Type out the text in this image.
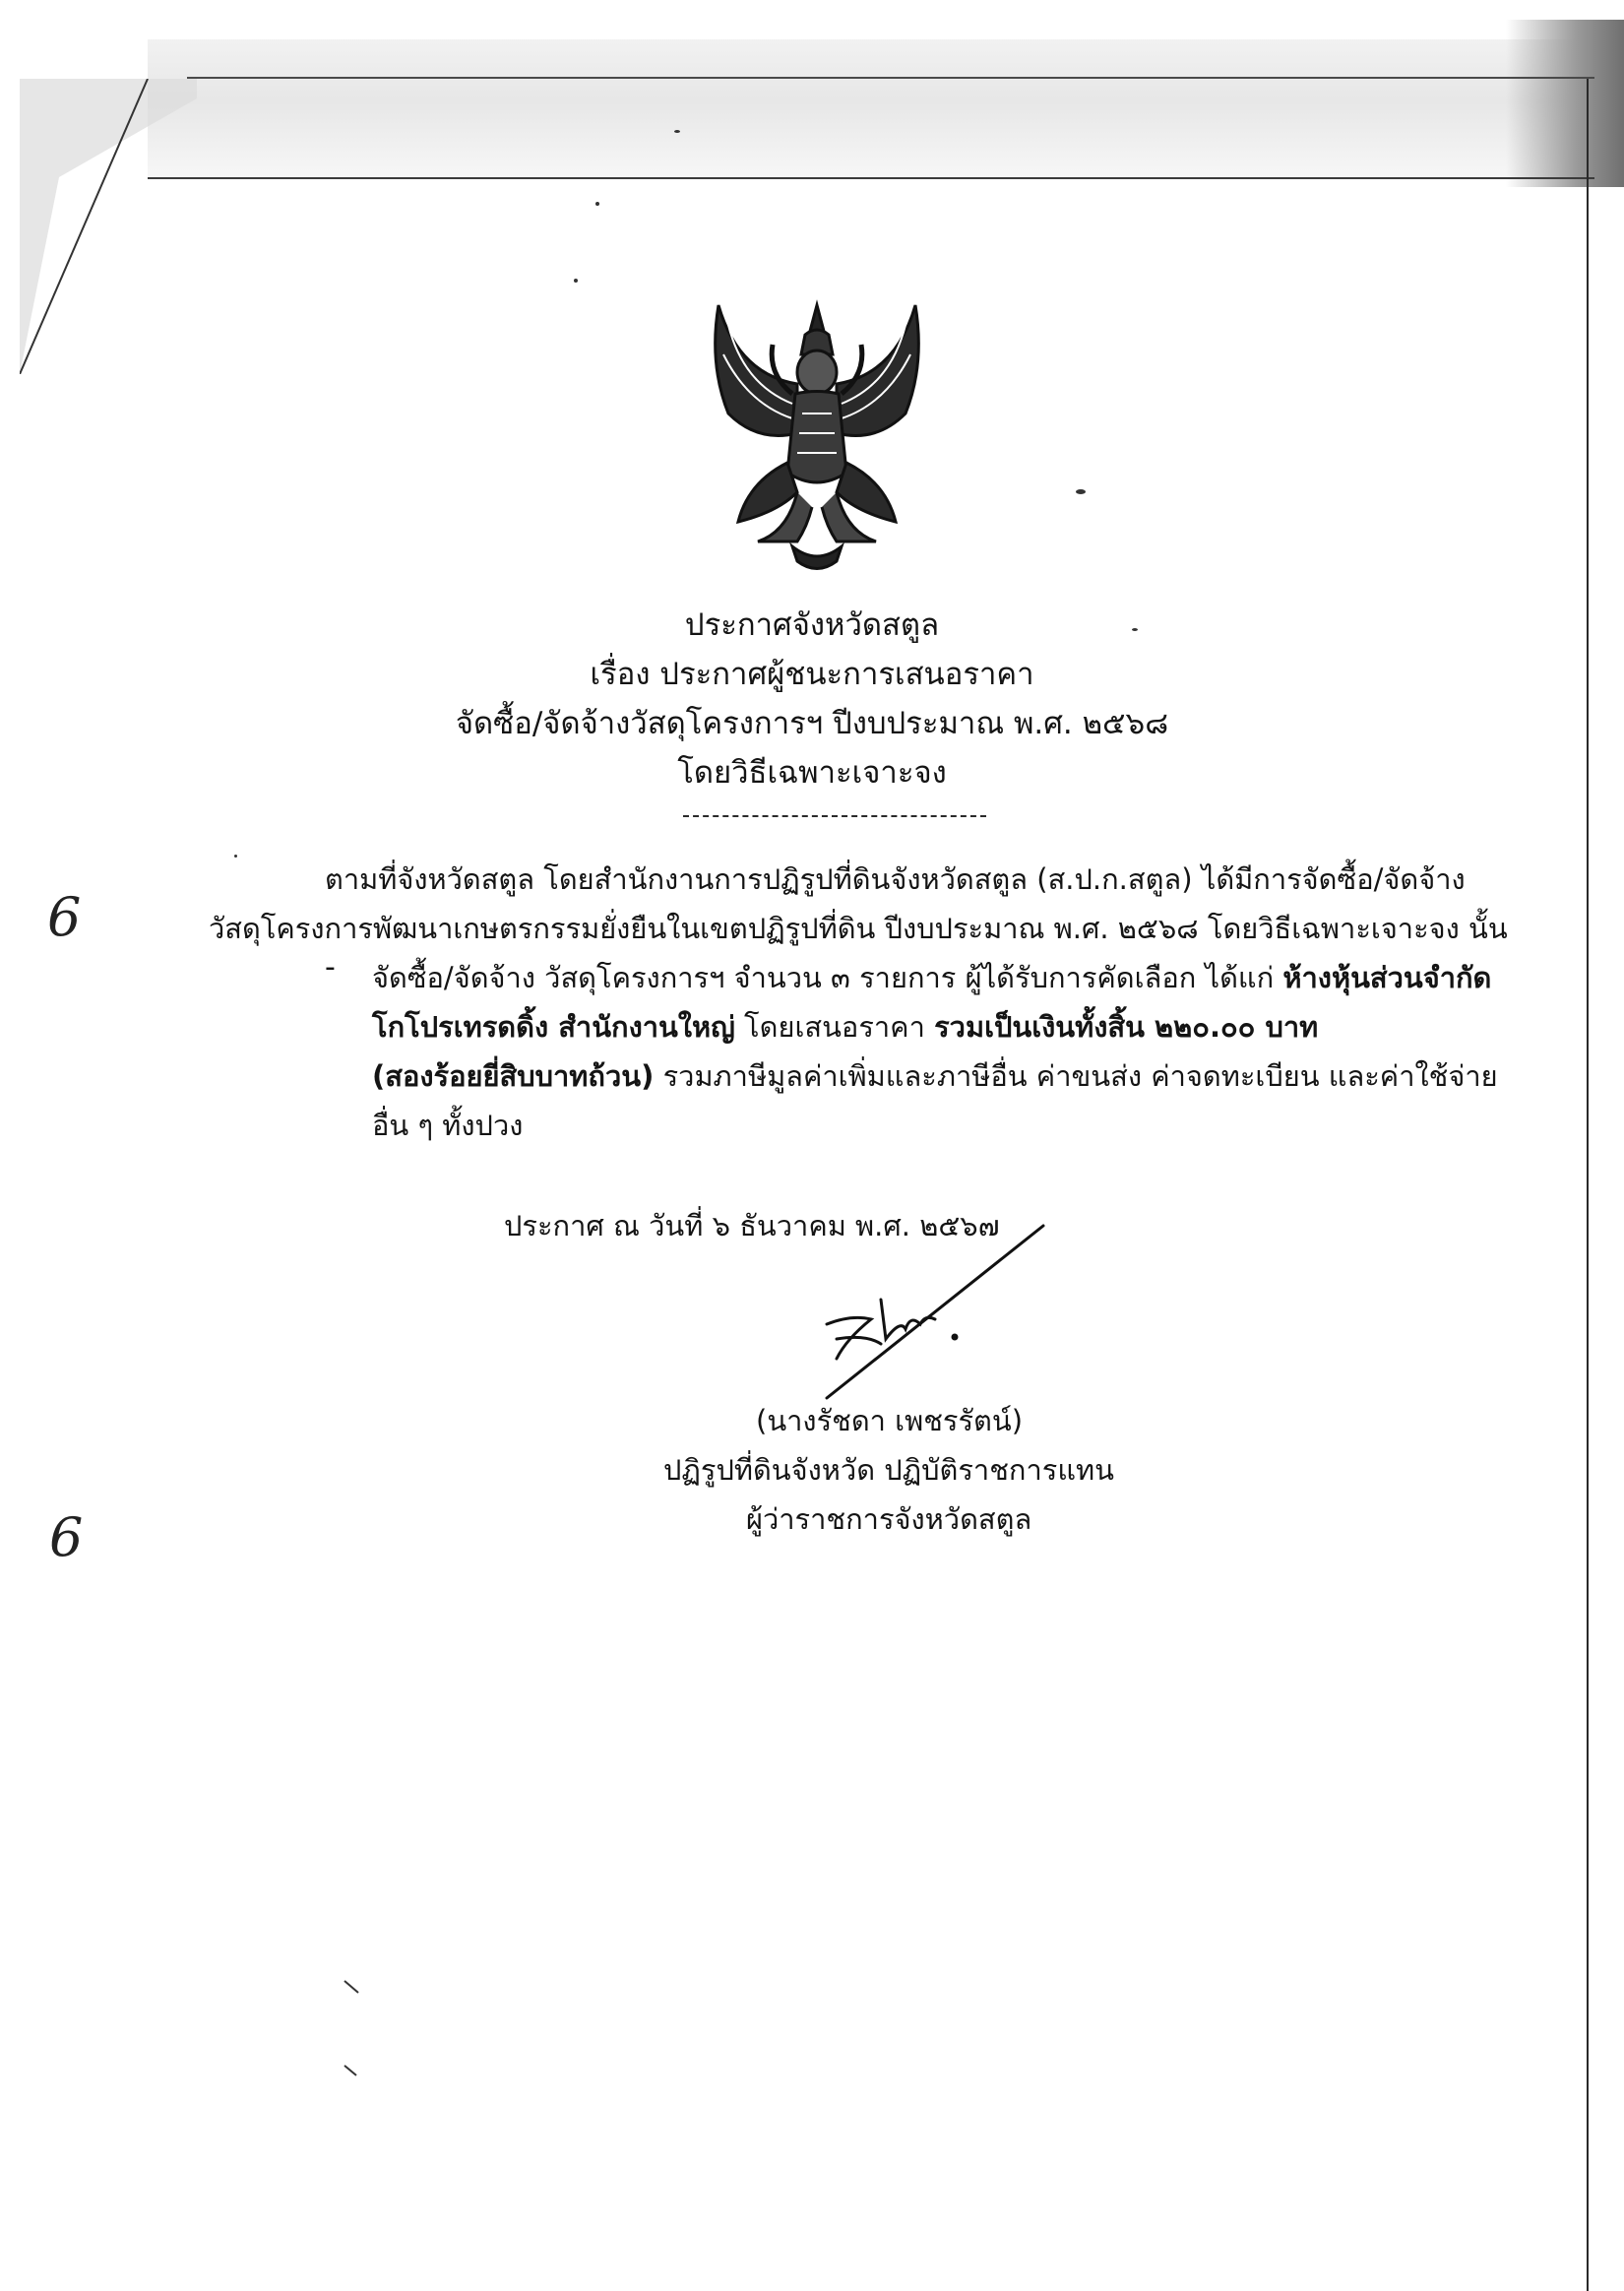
ประกาศจังหวัดสตูล
เรื่อง ประกาศผู้ชนะการเสนอราคา
จัดซื้อ/จัดจ้างวัสดุโครงการฯ ปีงบประมาณ พ.ศ. ๒๕๖๘
โดยวิธีเฉพาะเจาะจง
ตามที่จังหวัดสตูล โดยสำนักงานการปฏิรูปที่ดินจังหวัดสตูล (ส.ป.ก.สตูล) ได้มีการจัดซื้อ/จัดจ้าง
วัสดุโครงการพัฒนาเกษตรกรรมยั่งยืนในเขตปฏิรูปที่ดิน ปีงบประมาณ พ.ศ. ๒๕๖๘ โดยวิธีเฉพาะเจาะจง นั้น
- จัดซื้อ/จัดจ้าง วัสดุโครงการฯ จำนวน ๓ รายการ ผู้ได้รับการคัดเลือก ได้แก่ ห้างหุ้นส่วนจำกัด
โกโปรเทรดดิ้ง สำนักงานใหญ่ โดยเสนอราคา รวมเป็นเงินทั้งสิ้น ๒๒๐.๐๐ บาท
(สองร้อยยี่สิบบาทถ้วน) รวมภาษีมูลค่าเพิ่มและภาษีอื่น ค่าขนส่ง ค่าจดทะเบียน และค่าใช้จ่าย
อื่น ๆ ทั้งปวง
ประกาศ ณ วันที่ ๖ ธันวาคม พ.ศ. ๒๕๖๗
(นางรัชดา เพชรรัตน์)
ปฏิรูปที่ดินจังหวัด ปฏิบัติราชการแทน
ผู้ว่าราชการจังหวัดสตูล
6
6
